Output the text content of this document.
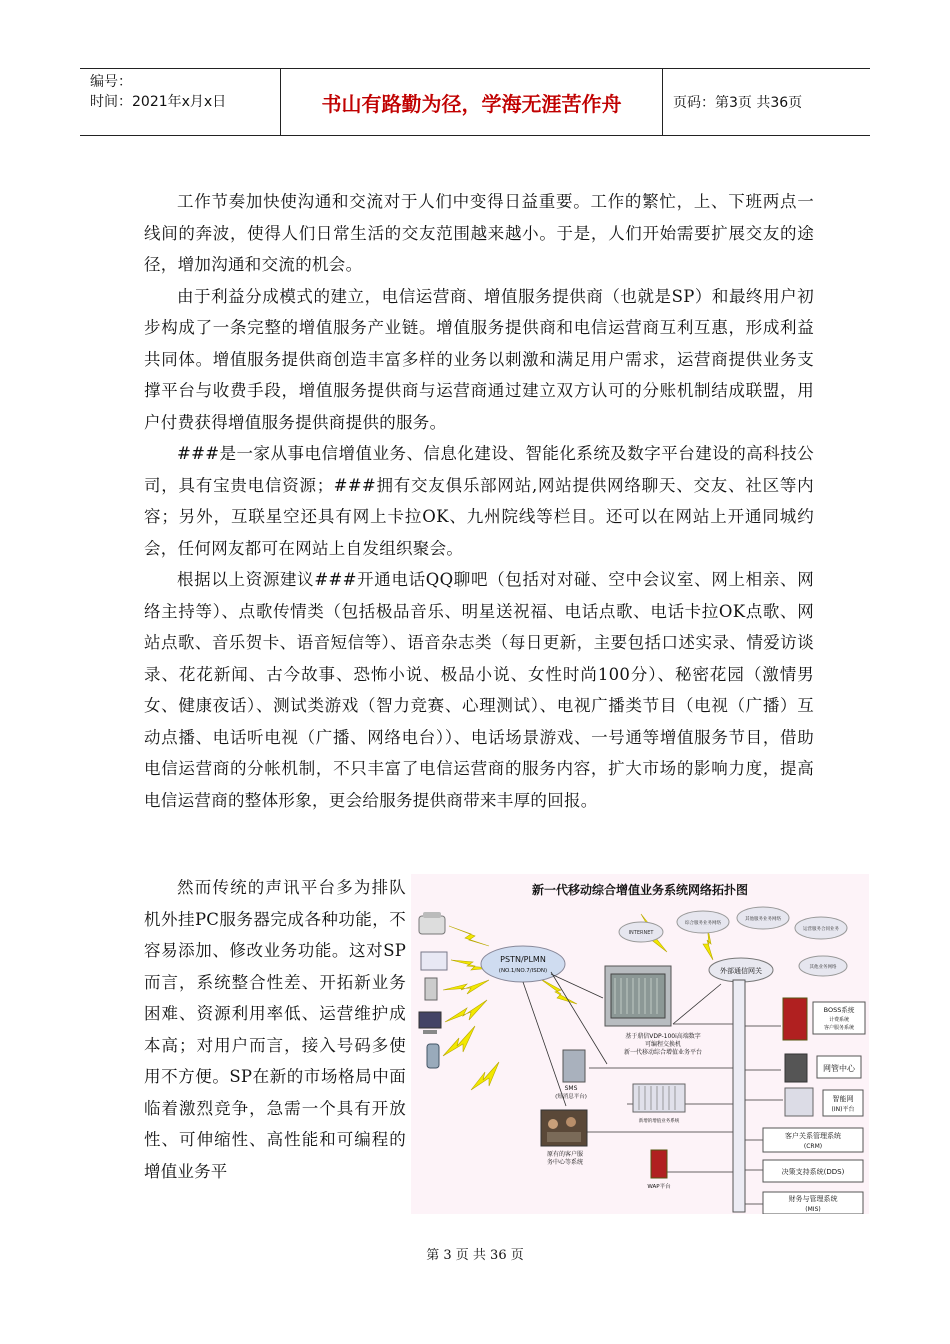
编号：
时间：2021年x月x日	书山有路勤为径，学海无涯苦作舟	页码：第3页 共36页

工作节奏加快使沟通和交流对于人们中变得日益重要。工作的繁忙，上、下班两点一线间的奔波，使得人们日常生活的交友范围越来越小。于是，人们开始需要扩展交友的途径，增加沟通和交流的机会。

由于利益分成模式的建立，电信运营商、增值服务提供商（也就是SP）和最终用户初步构成了一条完整的增值服务产业链。增值服务提供商和电信运营商互利互惠，形成利益共同体。增值服务提供商创造丰富多样的业务以刺激和满足用户需求，运营商提供业务支撑平台与收费手段，增值服务提供商与运营商通过建立双方认可的分账机制结成联盟，用户付费获得增值服务提供商提供的服务。

###是一家从事电信增值业务、信息化建设、智能化系统及数字平台建设的高科技公司，具有宝贵电信资源；###拥有交友俱乐部网站,网站提供网络聊天、交友、社区等内容；另外，互联星空还具有网上卡拉OK、九州院线等栏目。还可以在网站上开通同城约会，任何网友都可在网站上自发组织聚会。

根据以上资源建议###开通电话QQ聊吧（包括对对碰、空中会议室、网上相亲、网络主持等）、点歌传情类（包括极品音乐、明星送祝福、电话点歌、电话卡拉OK点歌、网站点歌、音乐贺卡、语音短信等）、语音杂志类（每日更新，主要包括口述实录、情爱访谈录、花花新闻、古今故事、恐怖小说、极品小说、女性时尚100分）、秘密花园（激情男女、健康夜话）、测试类游戏（智力竞赛、心理测试）、电视广播类节目（电视（广播）互动点播、电话听电视（广播、网络电台））、电话场景游戏、一号通等增值服务节目，借助电信运营商的分帐机制，不只丰富了电信运营商的服务内容，扩大市场的影响力度，提高电信运营商的整体形象，更会给服务提供商带来丰厚的回报。

然而传统的声讯平台多为排队机外挂PC服务器完成各种功能，不容易添加、修改业务功能。这对SP而言，系统整合性差、开拓新业务困难、资源利用率低、运营维护成本高；对用户而言，接入号码多使用不方便。SP在新的市场格局中面临着激烈竞争，急需一个具有开放性、可伸缩性、高性能和可编程的增值业务平

新一代移动综合增值业务系统网络拓扑图
PSTN/PLMN
(NO.1/NO.7/ISDN)
INTERNET
综合服务业务网络
其他服务业务网络
运营服务合同业务
其他业务网络
外部通信网关
基于鼎信VDP-100i高端数字
可编程交换机
新一代移动综合增值业务平台
SMS
(短消息平台)
新增的增值业务系统
原有的客户服
务中心等系统
WAP平台
BOSS系统
计费系统
客户服务系统
网管中心
智能网
(IN)平台
客户关系管理系统
(CRM)
决策支持系统(DDS)
财务与管理系统
(MIS)
第 3 页 共 36 页
